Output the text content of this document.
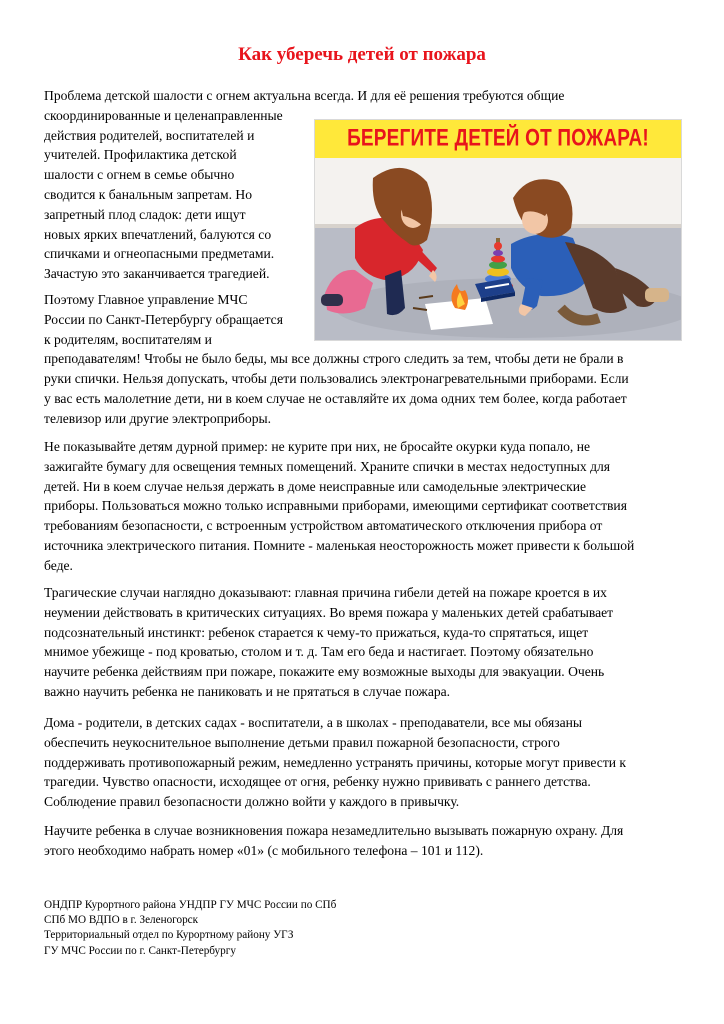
Как уберечь детей от пожара

Проблема детской шалости с огнем актуальна всегда. И для её решения требуются общие
скоординированные и целенаправленные
действия родителей, воспитателей и
учителей. Профилактика детской
шалости с огнем в семье обычно
сводится к банальным запретам. Но
запретный плод сладок: дети ищут
новых ярких впечатлений, балуются со
спичками и огнеопасными предметами.
Зачастую это заканчивается трагедией.

БЕРЕГИТЕ ДЕТЕЙ ОТ ПОЖАРА!

Поэтому Главное управление МЧС
России по Санкт-Петербургу обращается
к родителям, воспитателям и
преподавателям! Чтобы не было беды, мы все должны строго следить за тем, чтобы дети не брали в
руки спички. Нельзя допускать, чтобы дети пользовались электронагревательными приборами. Если
у вас есть малолетние дети, ни в коем случае не оставляйте их дома одних тем более, когда работает
телевизор или другие электроприборы.

Не показывайте детям дурной пример: не курите при них, не бросайте окурки куда попало, не
зажигайте бумагу для освещения темных помещений. Храните спички в местах недоступных для
детей. Ни в коем случае нельзя держать в доме неисправные или самодельные электрические
приборы. Пользоваться можно только исправными приборами, имеющими сертификат соответствия
требованиям безопасности, с встроенным устройством автоматического отключения прибора от
источника электрического питания. Помните - маленькая неосторожность может привести к большой
беде.

Трагические случаи наглядно доказывают: главная причина гибели детей на пожаре кроется в их
неумении действовать в критических ситуациях. Во время пожара у маленьких детей срабатывает
подсознательный инстинкт: ребенок старается к чему-то прижаться, куда-то спрятаться, ищет
мнимое убежище - под кроватью, столом и т. д. Там его беда и настигает. Поэтому обязательно
научите ребенка действиям при пожаре, покажите ему возможные выходы для эвакуации. Очень
важно научить ребенка не паниковать и не прятаться в случае пожара.

Дома - родители, в детских садах - воспитатели, а в школах - преподаватели, все мы обязаны
обеспечить неукоснительное выполнение детьми правил пожарной безопасности, строго
поддерживать противопожарный режим, немедленно устранять причины, которые могут привести к
трагедии. Чувство опасности, исходящее от огня, ребенку нужно прививать с раннего детства.
Соблюдение правил безопасности должно войти у каждого в привычку.

Научите ребенка в случае возникновения пожара незамедлительно вызывать пожарную охрану. Для
этого необходимо набрать номер «01» (с мобильного телефона – 101 и 112).

ОНДПР Курортного района УНДПР ГУ МЧС России по СПб
СПб МО ВДПО в г. Зеленогорск
Территориальный отдел по Курортному району УГЗ
ГУ МЧС России по г. Санкт-Петербургу
